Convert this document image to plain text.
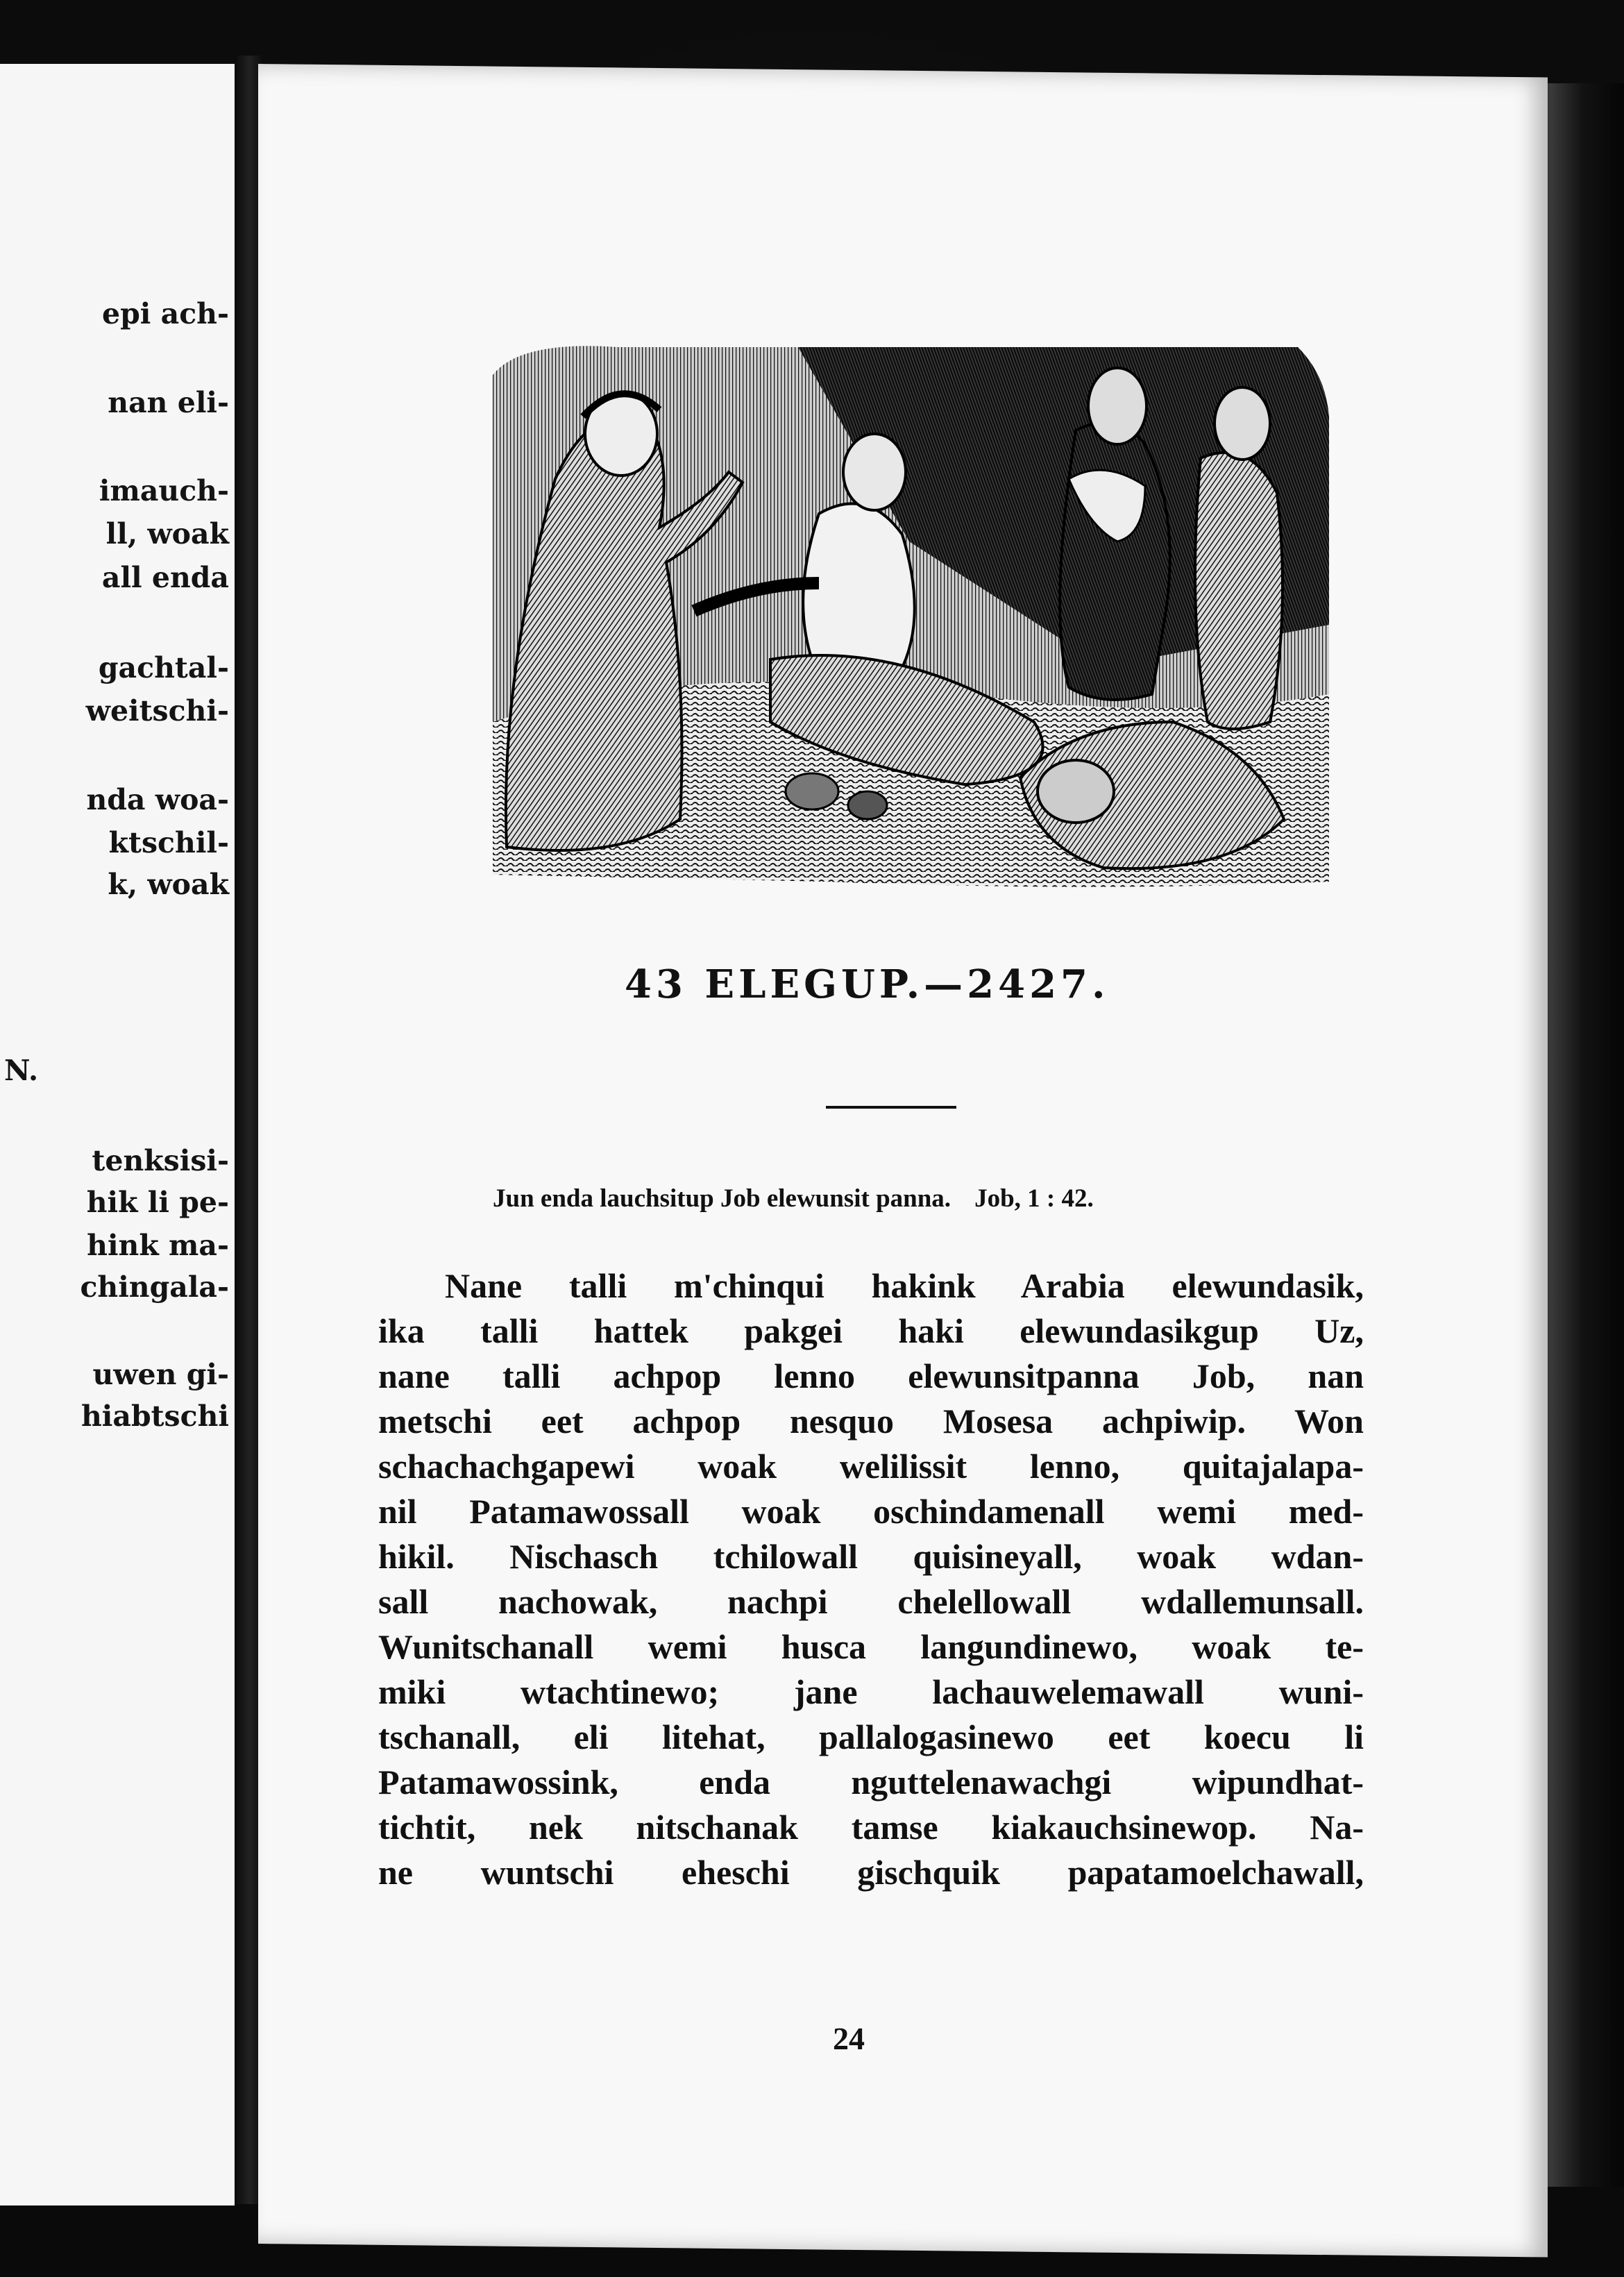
epi ach-
nan eli-
imauch-
ll, woak
all enda
gachtal-
weitschi-
nda woa-
ktschil-
k, woak
N.
tenksisi-
hik li pe-
hink ma-
chingala-
uwen gi-
hiabtschi
43 ELEGUP.—2427.
Jun enda lauchsitup Job elewunsit panna. Job, 1 : 42.
Nane talli m'chinqui hakink Arabia elewundasik,
ika talli hattek pakgei haki elewundasikgup Uz,
nane talli achpop lenno elewunsitpanna Job, nan
metschi eet achpop nesquo Mosesa achpiwip. Won
schachachgapewi woak welilissit lenno, quitajalapa-
nil Patamawossall woak oschindamenall wemi med-
hikil. Nischasch tchilowall quisineyall, woak wdan-
sall nachowak, nachpi chelellowall wdallemunsall.
Wunitschanall wemi husca langundinewo, woak te-
miki wtachtinewo; jane lachauwelemawall wuni-
tschanall, eli litehat, pallalogasinewo eet koecu li
Patamawossink, enda nguttelenawachgi wipundhat-
tichtit, nek nitschanak tamse kiakauchsinewop. Na-
ne wuntschi eheschi gischquik papatamoelchawall,
24
